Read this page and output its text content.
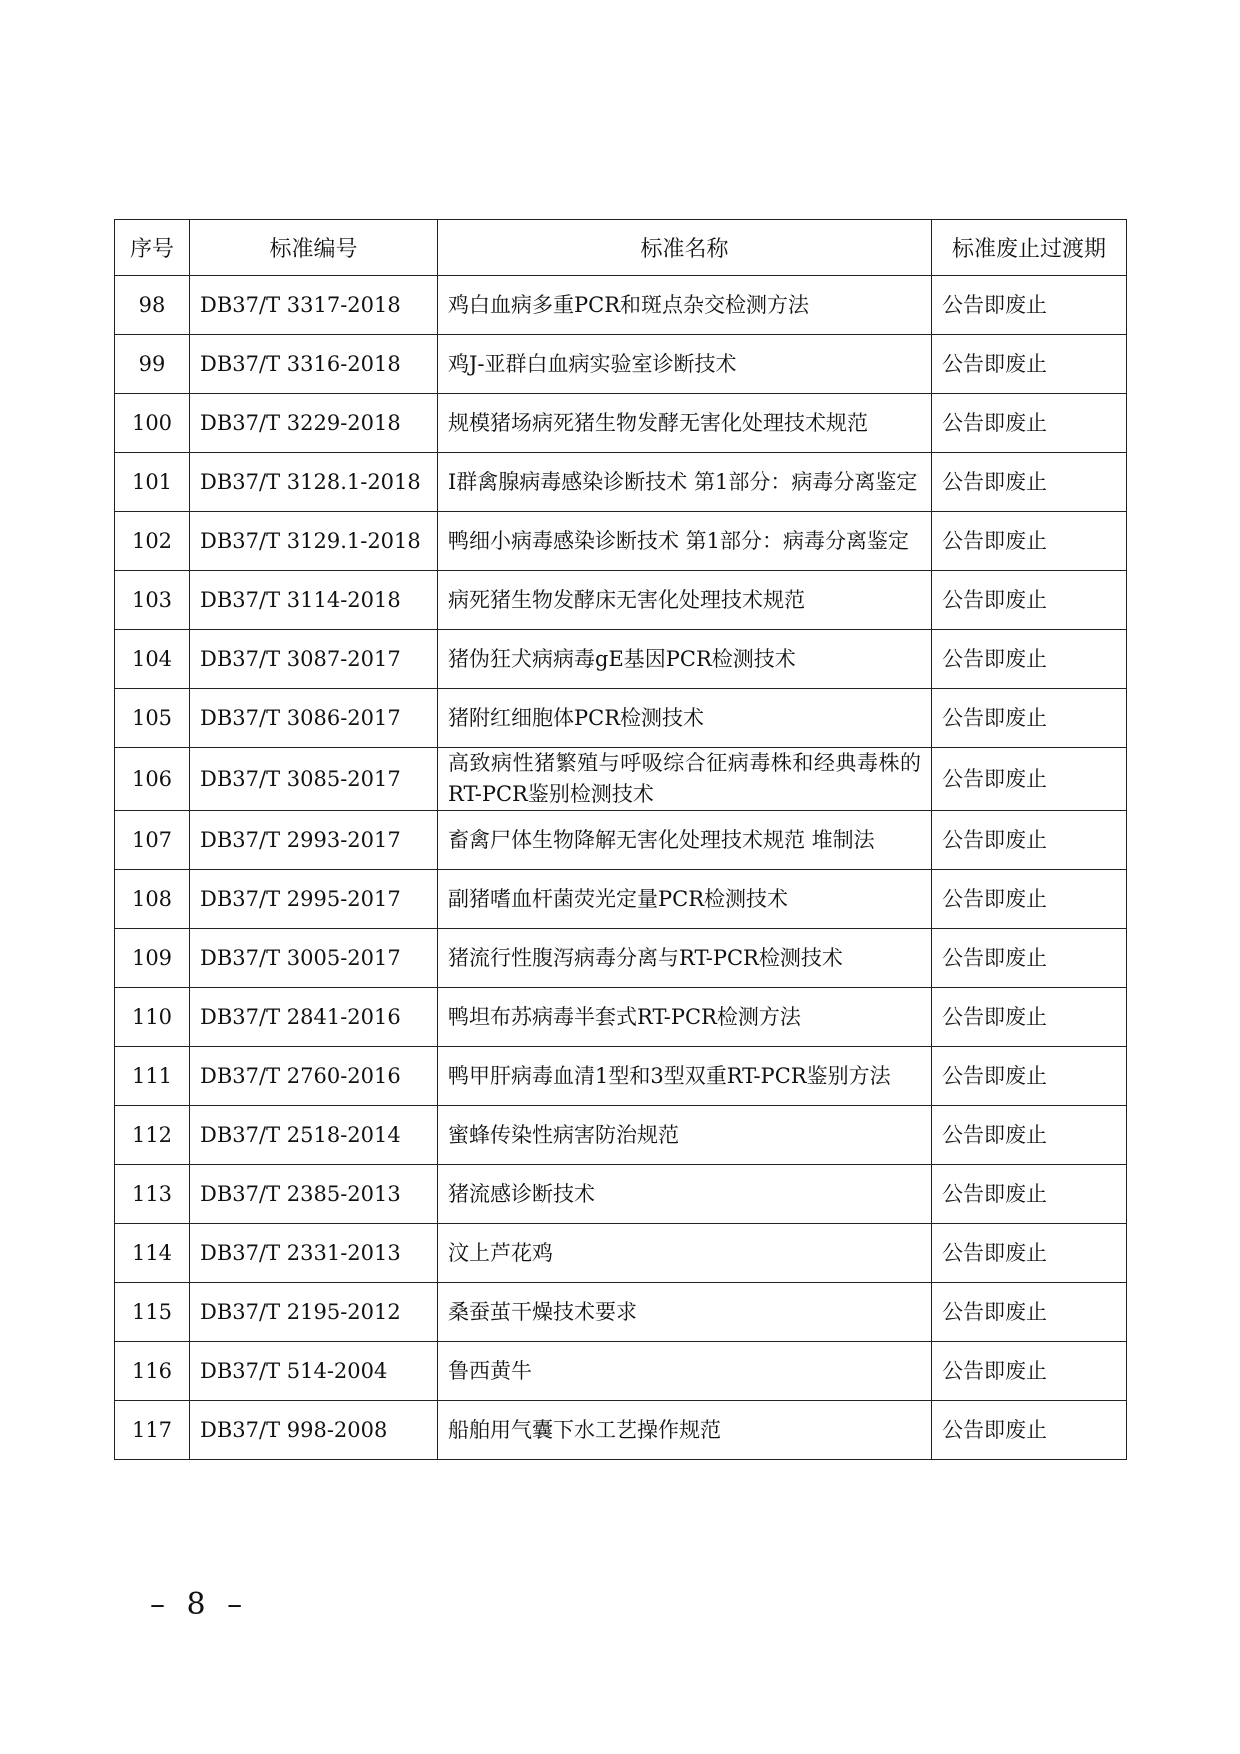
序号	标准编号	标准名称	标准废止过渡期
98	DB37/T 3317-2018	鸡白血病多重PCR和斑点杂交检测方法	公告即废止
99	DB37/T 3316-2018	鸡J-亚群白血病实验室诊断技术	公告即废止
100	DB37/T 3229-2018	规模猪场病死猪生物发酵无害化处理技术规范	公告即废止
101	DB37/T 3128.1-2018	I群禽腺病毒感染诊断技术 第1部分：病毒分离鉴定	公告即废止
102	DB37/T 3129.1-2018	鸭细小病毒感染诊断技术 第1部分：病毒分离鉴定	公告即废止
103	DB37/T 3114-2018	病死猪生物发酵床无害化处理技术规范	公告即废止
104	DB37/T 3087-2017	猪伪狂犬病病毒gE基因PCR检测技术	公告即废止
105	DB37/T 3086-2017	猪附红细胞体PCR检测技术	公告即废止
106	DB37/T 3085-2017	高致病性猪繁殖与呼吸综合征病毒株和经典毒株的RT-PCR鉴别检测技术	公告即废止
107	DB37/T 2993-2017	畜禽尸体生物降解无害化处理技术规范 堆制法	公告即废止
108	DB37/T 2995-2017	副猪嗜血杆菌荧光定量PCR检测技术	公告即废止
109	DB37/T 3005-2017	猪流行性腹泻病毒分离与RT-PCR检测技术	公告即废止
110	DB37/T 2841-2016	鸭坦布苏病毒半套式RT-PCR检测方法	公告即废止
111	DB37/T 2760-2016	鸭甲肝病毒血清1型和3型双重RT-PCR鉴别方法	公告即废止
112	DB37/T 2518-2014	蜜蜂传染性病害防治规范	公告即废止
113	DB37/T 2385-2013	猪流感诊断技术	公告即废止
114	DB37/T 2331-2013	汶上芦花鸡	公告即废止
115	DB37/T 2195-2012	桑蚕茧干燥技术要求	公告即废止
116	DB37/T 514-2004	鲁西黄牛	公告即废止
117	DB37/T 998-2008	船舶用气囊下水工艺操作规范	公告即废止
– 8 –
